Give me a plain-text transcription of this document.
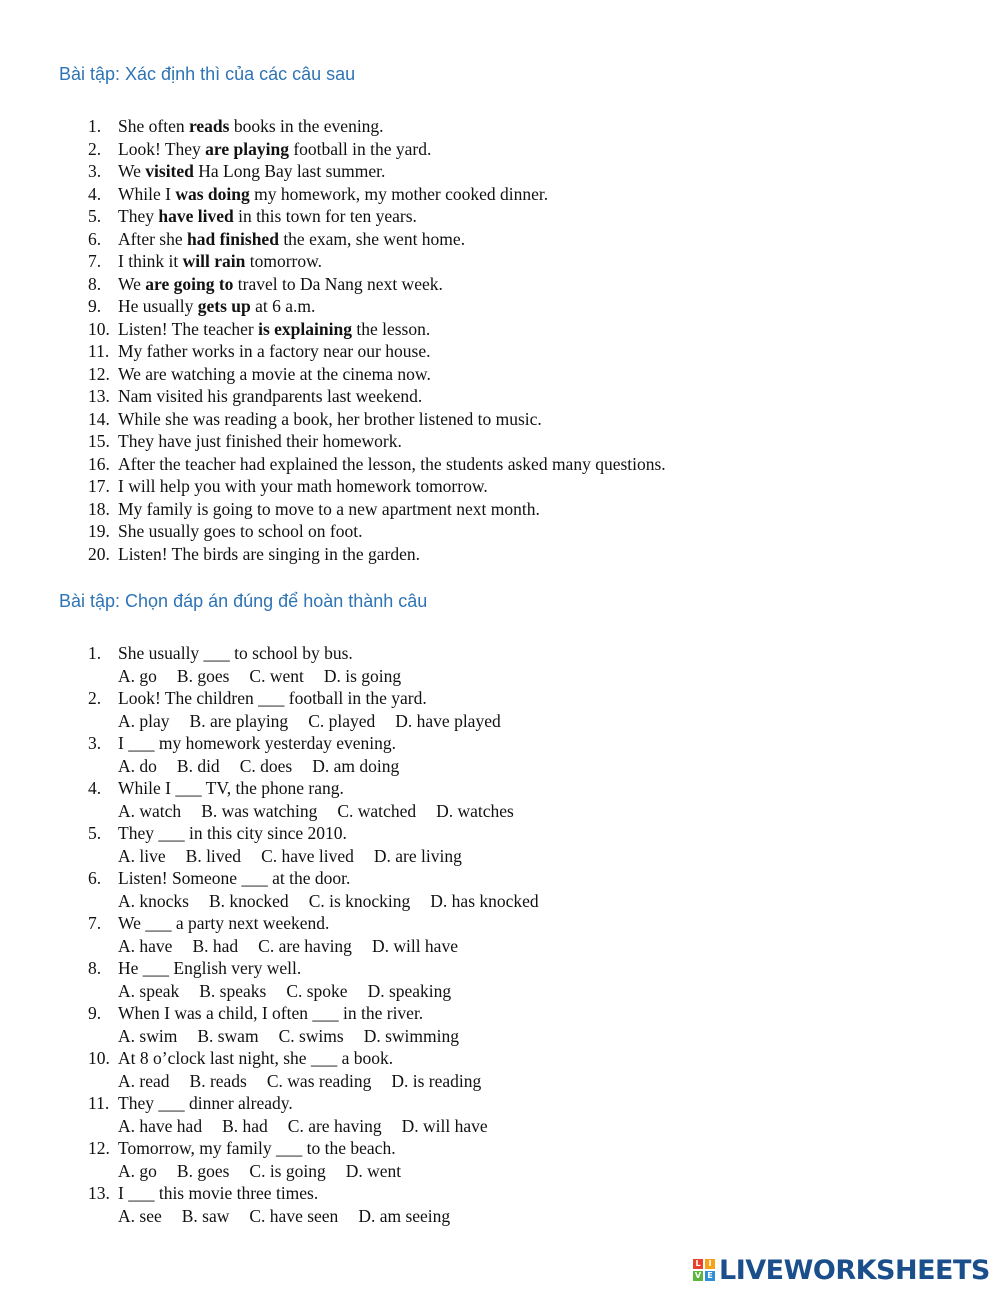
Bài tập: Xác định thì của các câu sau
1. She often reads books in the evening.
2. Look! They are playing football in the yard.
3. We visited Ha Long Bay last summer.
4. While I was doing my homework, my mother cooked dinner.
5. They have lived in this town for ten years.
6. After she had finished the exam, she went home.
7. I think it will rain tomorrow.
8. We are going to travel to Da Nang next week.
9. He usually gets up at 6 a.m.
10. Listen! The teacher is explaining the lesson.
11. My father works in a factory near our house.
12. We are watching a movie at the cinema now.
13. Nam visited his grandparents last weekend.
14. While she was reading a book, her brother listened to music.
15. They have just finished their homework.
16. After the teacher had explained the lesson, the students asked many questions.
17. I will help you with your math homework tomorrow.
18. My family is going to move to a new apartment next month.
19. She usually goes to school on foot.
20. Listen! The birds are singing in the garden.
Bài tập: Chọn đáp án đúng để hoàn thành câu
1. She usually ___ to school by bus.
A. go B. goes C. went D. is going
2. Look! The children ___ football in the yard.
A. play B. are playing C. played D. have played
3. I ___ my homework yesterday evening.
A. do B. did C. does D. am doing
4. While I ___ TV, the phone rang.
A. watch B. was watching C. watched D. watches
5. They ___ in this city since 2010.
A. live B. lived C. have lived D. are living
6. Listen! Someone ___ at the door.
A. knocks B. knocked C. is knocking D. has knocked
7. We ___ a party next weekend.
A. have B. had C. are having D. will have
8. He ___ English very well.
A. speak B. speaks C. spoke D. speaking
9. When I was a child, I often ___ in the river.
A. swim B. swam C. swims D. swimming
10. At 8 o’clock last night, she ___ a book.
A. read B. reads C. was reading D. is reading
11. They ___ dinner already.
A. have had B. had C. are having D. will have
12. Tomorrow, my family ___ to the beach.
A. go B. goes C. is going D. went
13. I ___ this movie three times.
A. see B. saw C. have seen D. am seeing
L I
V E LIVEWORKSHEETS
